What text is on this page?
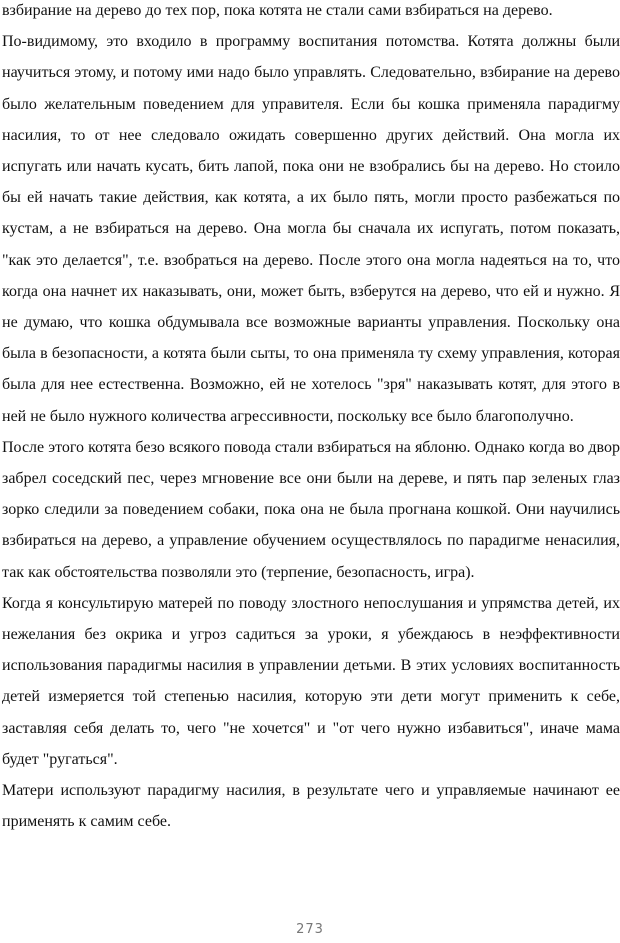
взбирание на дерево до тех пор, пока котята не стали сами взбираться на дерево.

По-видимому, это входило в программу воспитания потомства. Котята должны были научиться этому, и потому ими надо было управлять. Следовательно, взбирание на дерево было желательным поведением для управителя. Если бы кошка применяла парадигму насилия, то от нее следовало ожидать совершенно других действий. Она могла их испугать или начать кусать, бить лапой, пока они не взобрались бы на дерево. Но стоило бы ей начать такие действия, как котята, а их было пять, могли просто разбежаться по кустам, а не взбираться на дерево. Она могла бы сначала их испугать, потом показать, "как это делается", т.е. взобраться на дерево. После этого она могла надеяться на то, что когда она начнет их наказывать, они, может быть, взберутся на дерево, что ей и нужно. Я не думаю, что кошка обдумывала все возможные варианты управления. Поскольку она была в безопасности, а котята были сыты, то она применяла ту схему управления, которая была для нее естественна. Возможно, ей не хотелось "зря" наказывать котят, для этого в ней не было нужного количества агрессивности, поскольку все было благополучно.

После этого котята безо всякого повода стали взбираться на яблоню. Однако когда во двор забрел соседский пес, через мгновение все они были на дереве, и пять пар зеленых глаз зорко следили за поведением собаки, пока она не была прогнана кошкой. Они научились взбираться на дерево, а управление обучением осуществлялось по парадигме ненасилия, так как обстоятельства позволяли это (терпение, безопасность, игра).

Когда я консультирую матерей по поводу злостного непослушания и упрямства детей, их нежелания без окрика и угроз садиться за уроки, я убеждаюсь в неэффективности использования парадигмы насилия в управлении детьми. В этих условиях воспитанность детей измеряется той степенью насилия, которую эти дети могут применить к себе, заставляя себя делать то, чего "не хочется" и "от чего нужно избавиться", иначе мама будет "ругаться".

Матери используют парадигму насилия, в результате чего и управляемые начинают ее применять к самим себе.

273
